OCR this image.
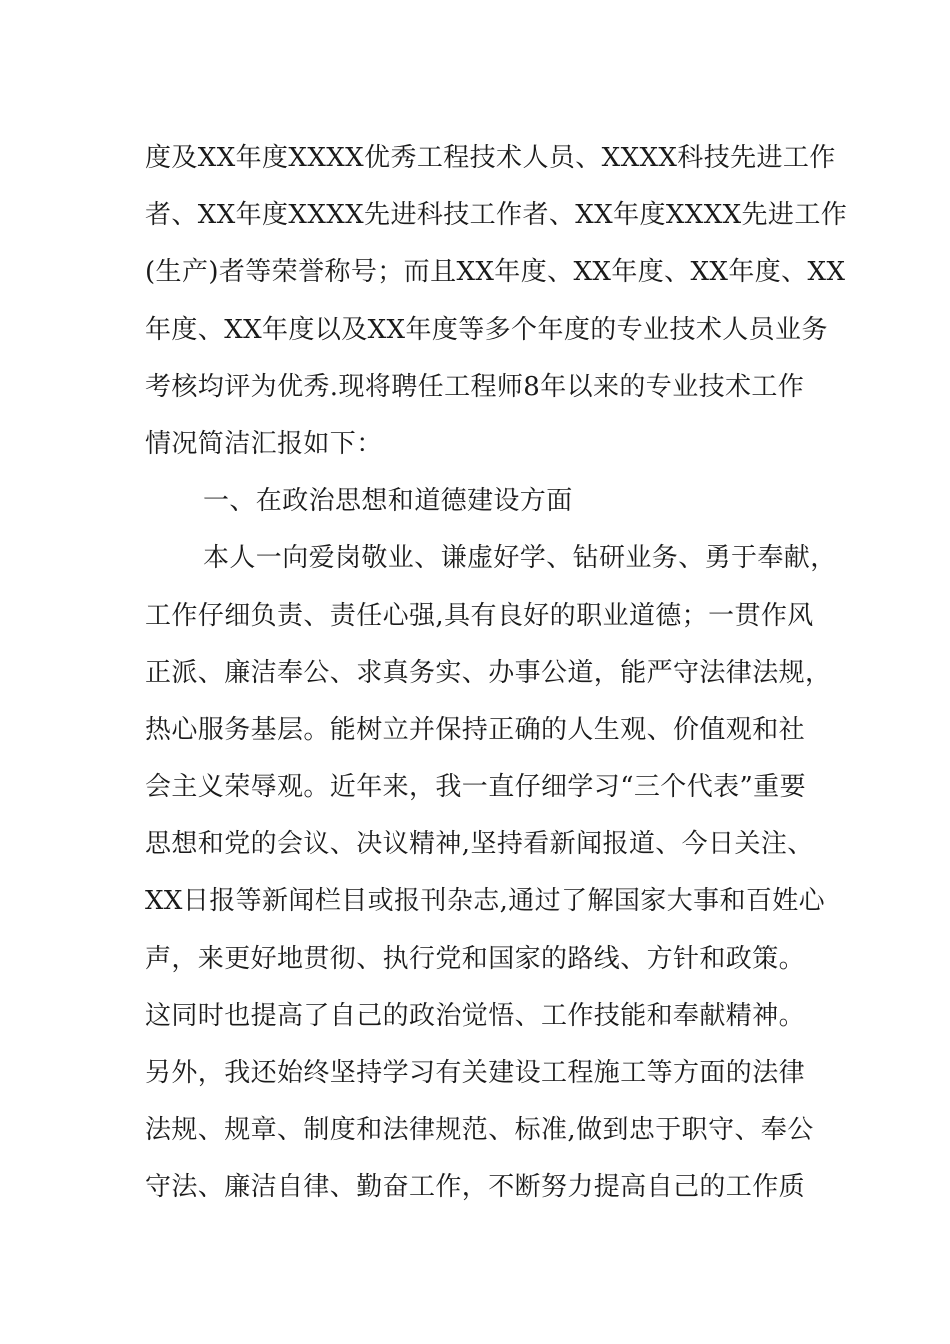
度及XX年度XXXX优秀工程技术人员、XXXX科技先进工作
者、XX年度XXXX先进科技工作者、XX年度XXXX先进工作
(生产)者等荣誉称号；而且XX年度、XX年度、XX年度、XX
年度、XX年度以及XX年度等多个年度的专业技术人员业务
考核均评为优秀.现将聘任工程师8年以来的专业技术工作
情况简洁汇报如下：
一、在政治思想和道德建设方面
本人一向爱岗敬业、谦虚好学、钻研业务、勇于奉献，
工作仔细负责、责任心强,具有良好的职业道德；一贯作风
正派、廉洁奉公、求真务实、办事公道，能严守法律法规，
热心服务基层。能树立并保持正确的人生观、价值观和社
会主义荣辱观。近年来，我一直仔细学习“三个代表”重要
思想和党的会议、决议精神,坚持看新闻报道、今日关注、
XX日报等新闻栏目或报刊杂志,通过了解国家大事和百姓心
声，来更好地贯彻、执行党和国家的路线、方针和政策。
这同时也提高了自己的政治觉悟、工作技能和奉献精神。
另外，我还始终坚持学习有关建设工程施工等方面的法律
法规、规章、制度和法律规范、标准,做到忠于职守、奉公
守法、廉洁自律、勤奋工作，不断努力提高自己的工作质
